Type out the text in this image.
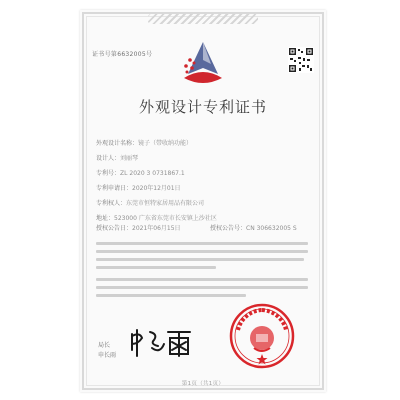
证书号第6632005号
外观设计专利证书
外观设计名称：镜子（带收纳功能）
设计人：刘丽琴
专利号：ZL 2020 3 0731867.1
专利申请日：2020年12月01日
专利权人：东莞市恒特家居用品有限公司
地址：523000 广东省东莞市长安镇上沙社区
授权公告日：2021年06月15日	授权公告号：CN 306632005 S
局长
申长雨
第1页（共1页）
